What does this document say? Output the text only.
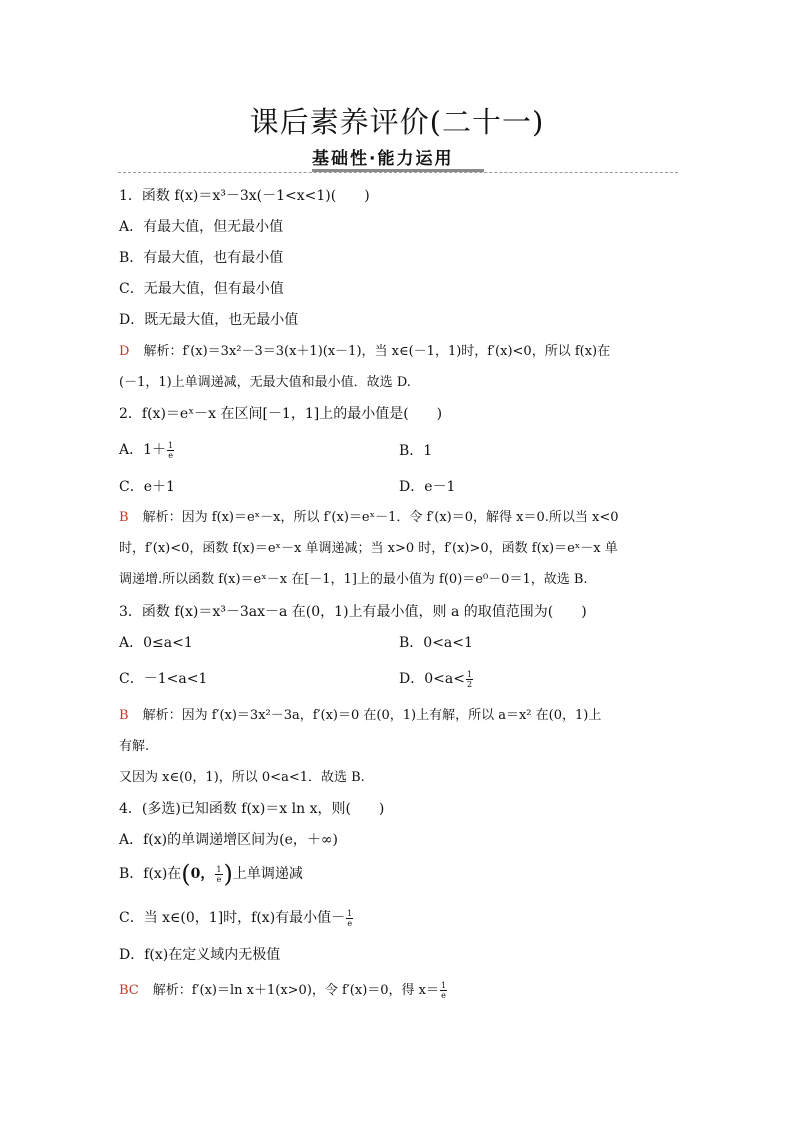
课后素养评价(二十一)
基础性·能力运用
1．函数 f(x)＝x³－3x(－1<x<1)(　　)
A．有最大值，但无最小值
B．有最大值，也有最小值
C．无最大值，但有最小值
D．既无最大值，也无最小值
D 解析：f′(x)＝3x²－3＝3(x＋1)(x－1)，当 x∈(－1，1)时，f′(x)<0，所以 f(x)在
(－1，1)上单调递减，无最大值和最小值．故选 D.
2．f(x)＝eˣ－x 在区间[－1，1]上的最小值是(　　)
A．$1+ \frac{1}{e}$	B．1
C．e＋1	D．e－1
B 解析：因为 f(x)＝eˣ－x，所以 f′(x)＝eˣ－1．令 f′(x)＝0，解得 x＝0.所以当 x<0
时，f′(x)<0，函数 f(x)＝eˣ－x 单调递减；当 x>0 时，f′(x)>0，函数 f(x)＝eˣ－x 单
调递增.所以函数 f(x)＝eˣ－x 在[－1，1]上的最小值为 f(0)＝e⁰－0＝1，故选 B.
3．函数 f(x)＝x³－3ax－a 在(0，1)上有最小值，则 a 的取值范围为(　　)
A．0≤a<1	B．0<a<1
C．－1<a<1	D．$0<a< \frac{1}{2}$
B 解析：因为 f′(x)＝3x²－3a，f′(x)＝0 在(0，1)上有解，所以 a＝x² 在(0，1)上
有解.
又因为 x∈(0，1)，所以 0<a<1．故选 B.
4．(多选)已知函数 f(x)＝x ln x，则(　　)
A．f(x)的单调递增区间为(e，＋∞)
B．f(x)在(0， $\frac{1}{e}$ )上单调递减
C．当 x∈(0，1]时，f(x)有最小值－ $\frac{1}{e}$
D．f(x)在定义域内无极值
BC 解析：f′(x)＝ln x＋1(x>0)，令 f′(x)＝0，得 $x= \frac{1}{e}$
